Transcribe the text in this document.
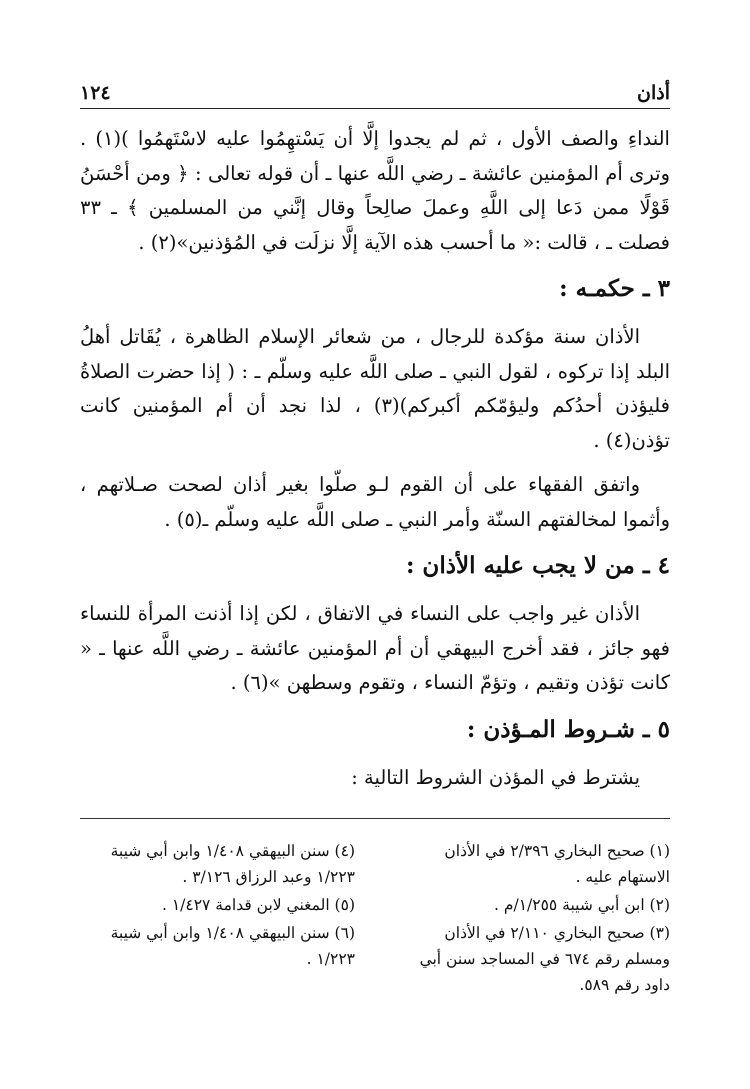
أذان
١٢٤

النداءِ والصف الأول ، ثم لم يجدوا إلَّا أن يَسْتهِمُوا عليه لاسْتَهمُوا )(١) . وترى أم المؤمنين عائشة ـ رضي اللَّه عنها ـ أن قوله تعالى : ﴿ ومن أحْسَنُ قَوْلًا ممن دَعا إلى اللَّهِ وعملَ صالِحاً وقال إنَّني من المسلمين ﴾ ـ ٣٣ فصلت ـ ، قالت :« ما أحسب هذه الآية إلَّا نزلَت في المُؤذنين»(٢) .

٣ ـ حكمـه :

الأذان سنة مؤكدة للرجال ، من شعائر الإسلام الظاهرة ، يُقَاتل أهلُ البلد إذا تركوه ، لقول النبي ـ صلى اللَّه عليه وسلّم ـ : ( إذا حضرت الصلاةُ فليؤذن أحدُكم وليؤمّكم أكبركم)(٣) ، لذا نجد أن أم المؤمنين كانت تؤذن(٤) .

واتفق الفقهاء على أن القوم لـو صلّوا بغير أذان لصحت صـلاتهم ، وأثموا لمخالفتهم السنّة وأمر النبي ـ صلى اللَّه عليه وسلّم ـ(٥) .

٤ ـ من لا يجب عليه الأذان :

الأذان غير واجب على النساء في الاتفاق ، لكن إذا أذنت المرأة للنساء فهو جائز ، فقد أخرج البيهقي أن أم المؤمنين عائشة ـ رضي اللَّه عنها ـ « كانت تؤذن وتقيم ، وتؤمّ النساء ، وتقوم وسطهن »(٦) .

٥ ـ شـروط المـؤذن :

يشترط في المؤذن الشروط التالية :

(١) صحيح البخاري ٢/٣٩٦ في الأذان الاستهام عليه .

(٢) ابن أبي شيبة ١/٢٥٥/م .

(٣) صحيح البخاري ٢/١١٠ في الأذان ومسلم رقم ٦٧٤ في المساجد سنن أبي داود رقم ٥٨٩.

(٤) سنن البيهقي ١/٤٠٨ وابن أبي شيبة ١/٢٢٣ وعبد الرزاق ٣/١٢٦ .

(٥) المغني لابن قدامة ١/٤٢٧ .

(٦) سنن البيهقي ١/٤٠٨ وابن أبي شيبة ١/٢٢٣ .
